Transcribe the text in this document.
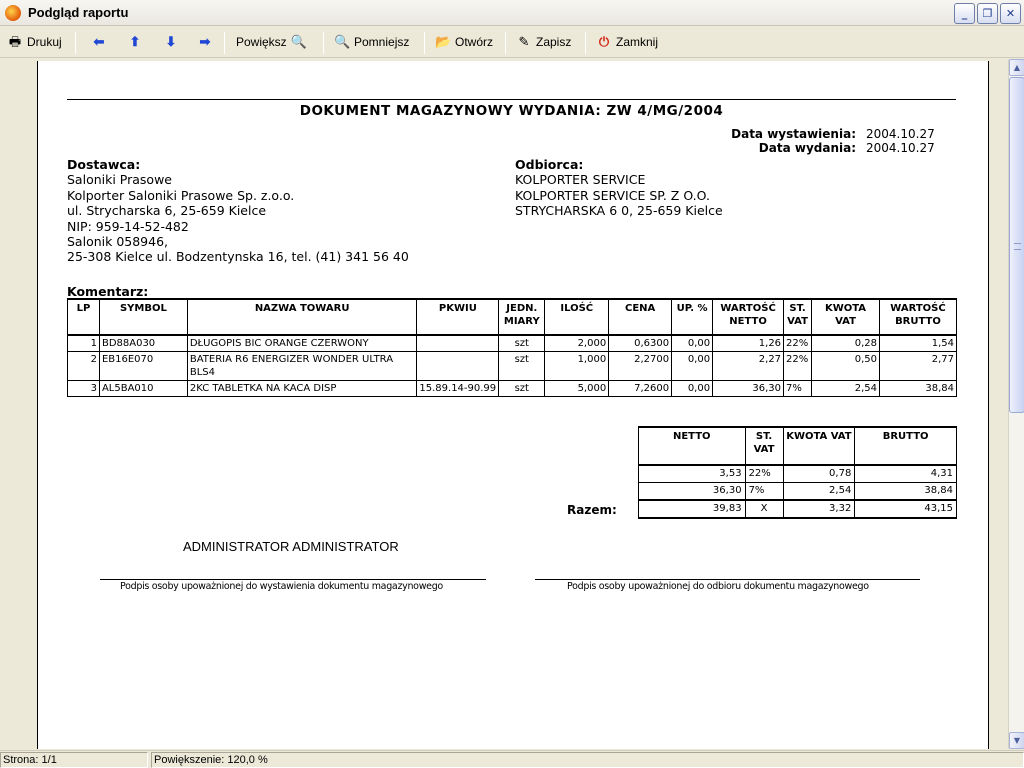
Podgląd raportu	_	❐	✕
🖶 Drukuj ⬅ ⬆ ⬇ ➡ Powiększ 🔍 🔍 Pomniejsz 📂 Otwórz ✎ Zapisz ⏻ Zamknij
DOKUMENT MAGAZYNOWY WYDANIA: ZW 4/MG/2004
Data wystawienia: 2004.10.27
Data wydania: 2004.10.27
Dostawca:
Saloniki Prasowe
Kolporter Saloniki Prasowe Sp. z.o.o.
ul. Strycharska 6, 25-659 Kielce
NIP: 959-14-52-482
Salonik 058946,
25-308 Kielce ul. Bodzentynska 16, tel. (41) 341 56 40
Odbiorca:
KOLPORTER SERVICE
KOLPORTER SERVICE SP. Z O.O.
STRYCHARSKA 6 0, 25-659 Kielce
Komentarz:
LP	SYMBOL	NAZWA TOWARU	PKWIU	JEDN. MIARY	ILOŚĆ	CENA	UP. %	WARTOŚĆ NETTO	ST. VAT	KWOTA VAT	WARTOŚĆ BRUTTO
1	BD88A030	DŁUGOPIS BIC ORANGE CZERWONY		szt	2,000	0,6300	0,00	1,26	22%	0,28	1,54
2	EB16E070	BATERIA R6 ENERGIZER WONDER ULTRA BLS4		szt	1,000	2,2700	0,00	2,27	22%	0,50	2,77
3	AL5BA010	2KC TABLETKA NA KACA DISP	15.89.14-90.99	szt	5,000	7,2600	0,00	36,30	7%	2,54	38,84
NETTO	ST. VAT	KWOTA VAT	BRUTTO
3,53	22%	0,78	4,31
36,30	7%	2,54	38,84
39,83	X	3,32	43,15
Razem:
ADMINISTRATOR ADMINISTRATOR
Podpis osoby upoważnionej do wystawienia dokumentu magazynowego	Podpis osoby upoważnionej do odbioru dokumentu magazynowego
▲
▼
Strona: 1/1	Powiększenie: 120,0 %
